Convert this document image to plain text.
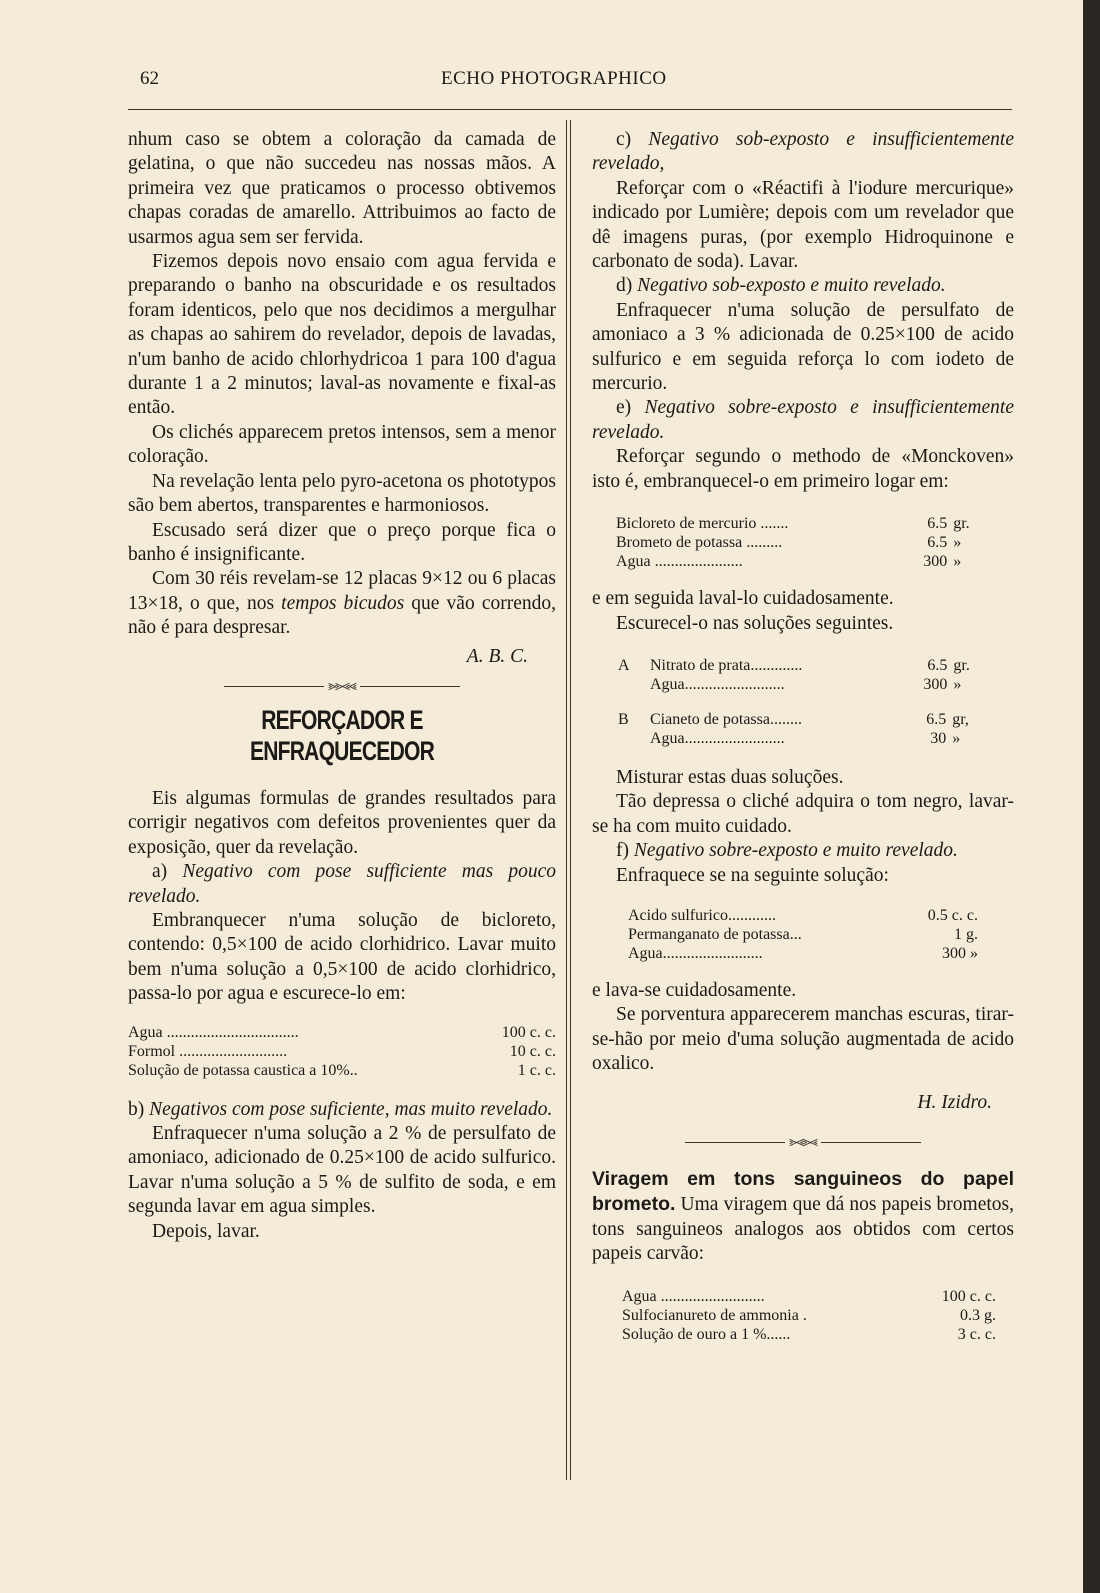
62	ECHO PHOTOGRAPHICO

nhum caso se obtem a coloração da camada de gelatina, o que não succedeu nas nossas mãos. A primeira vez que praticamos o processo obtivemos chapas coradas de amarello. Attribuimos ao facto de usarmos agua sem ser fervida.

Fizemos depois novo ensaio com agua fervida e preparando o banho na obscuridade e os resultados foram identicos, pelo que nos decidimos a mergulhar as chapas ao sahirem do revelador, depois de lavadas, n'um banho de acido chlorhydricoa 1 para 100 d'agua durante 1 a 2 minutos; laval-as novamente e fixal-as então.

Os clichés apparecem pretos intensos, sem a menor coloração.

Na revelação lenta pelo pyro-acetona os phototypos são bem abertos, transparentes e harmoniosos.

Escusado será dizer que o preço porque fica o banho é insignificante.

Com 30 réis revelam-se 12 placas 9×12 ou 6 placas 13×18, o que, nos tempos bicudos que vão correndo, não é para despresar.

A. B. C.

⪢⪢⪡⪡
REFORÇADOR E ENFRAQUECEDOR

Eis algumas formulas de grandes resultados para corrigir negativos com defeitos provenientes quer da exposição, quer da revelação.

a) Negativo com pose sufficiente mas pouco revelado.

Embranquecer n'uma solução de bicloreto, contendo: 0,5×100 de acido clorhidrico. Lavar muito bem n'uma solução a 0,5×100 de acido clorhidrico, passa-lo por agua e escurece-lo em:

Agua .................................	100 c. c.
Formol ...........................	10 c. c.
Solução de potassa caustica a 10%..	1 c. c.

b) Negativos com pose suficiente, mas muito revelado.

Enfraquecer n'uma solução a 2 % de persulfato de amoniaco, adicionado de 0.25×100 de acido sulfurico. Lavar n'uma solução a 5 % de sulfito de soda, e em segunda lavar em agua simples.

Depois, lavar.

c) Negativo sob-exposto e insufficientemente revelado,

Reforçar com o «Réactifi à l'iodure mercurique» indicado por Lumière; depois com um revelador que dê imagens puras, (por exemplo Hidroquinone e carbonato de soda). Lavar.

d) Negativo sob-exposto e muito revelado.

Enfraquecer n'uma solução de persulfato de amoniaco a 3 % adicionada de 0.25×100 de acido sulfurico e em seguida reforça lo com iodeto de mercurio.

e) Negativo sobre-exposto e insufficientemente revelado.

Reforçar segundo o methodo de «Monckoven» isto é, embranquecel-o em primeiro logar em:

Bicloreto de mercurio .......	6.5	gr.
Brometo de potassa .........	6.5	»
Agua ......................	300	»

e em seguida laval-lo cuidadosamente.

Escurecel-o nas soluções seguintes.

A	Nitrato de prata.............	6.5	gr.
	Agua.........................	300	»
B	Cianeto de potassa........	6.5	gr,
	Agua.........................	30	»

Misturar estas duas soluções.

Tão depressa o cliché adquira o tom negro, lavar-se ha com muito cuidado.

f) Negativo sobre-exposto e muito revelado.

Enfraquece se na seguinte solução:

Acido sulfurico............	0.5 c. c.
Permanganato de potassa...	1 g.
Agua.........................	300 »

e lava-se cuidadosamente.

Se porventura apparecerem manchas escuras, tirar-se-hão por meio d'uma solução augmentada de acido oxalico.

H. Izidro.

⪢⪡⪢⪡

Viragem em tons sanguineos do papel brometo. Uma viragem que dá nos papeis brometos, tons sanguineos analogos aos obtidos com certos papeis carvão:

Agua ..........................	100 c. c.
Sulfocianureto de ammonia .	0.3 g.
Solução de ouro a 1 %......	3 c. c.
